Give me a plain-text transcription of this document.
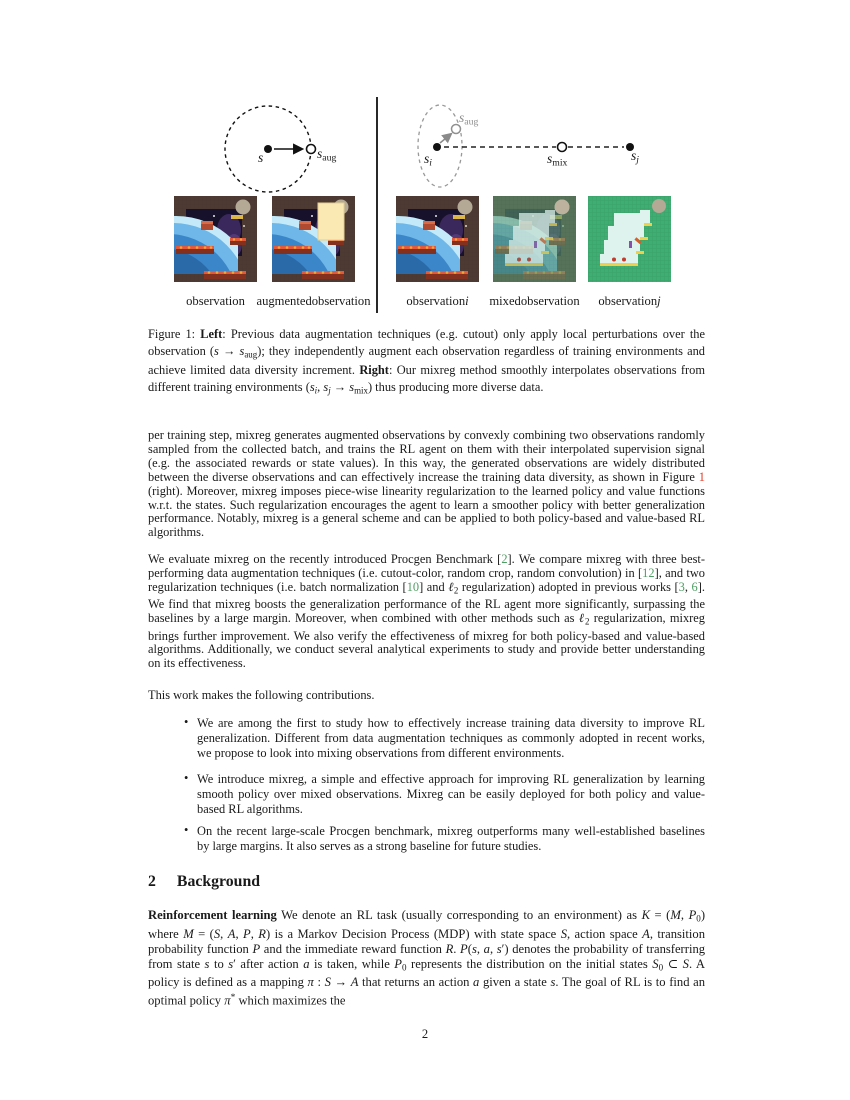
s	$s_{aug}$	$s_i$
$s_{aug}$
$s_{mix}$
$s_j$
observation augmented observation	observation i mixed observation observation j
Figure 1: Left: Previous data augmentation techniques (e.g. cutout) only apply local perturbations over the observation $(s \to s_{aug})$; they independently augment each observation regardless of training environments and achieve limited data diversity increment. Right: Our mixreg method smoothly interpolates observations from different training environments ($s_i$, $s_j \to s_{mix}$) thus producing more diverse data.
per training step, mixreg generates augmented observations by convexly combining two observations randomly sampled from the collected batch, and trains the RL agent on them with their interpolated supervision signal (e.g. the associated rewards or state values). In this way, the generated observations are widely distributed between the diverse observations and can effectively increase the training data diversity, as shown in Figure 1 (right). Moreover, mixreg imposes piece-wise linearity regularization to the learned policy and value functions w.r.t. the states. Such regularization encourages the agent to learn a smoother policy with better generalization performance. Notably, mixreg is a general scheme and can be applied to both policy-based and value-based RL algorithms.
We evaluate mixreg on the recently introduced Procgen Benchmark [2]. We compare mixreg with three best-performing data augmentation techniques (i.e. cutout-color, random crop, random convolution) in [12], and two regularization techniques (i.e. batch normalization [10] and ℓ$_2$ regularization) adopted in previous works [3, 6]. We find that mixreg boosts the generalization performance of the RL agent more significantly, surpassing the baselines by a large margin. Moreover, when combined with other methods such as ℓ$_2$ regularization, mixreg brings further improvement. We also verify the effectiveness of mixreg for both policy-based and value-based algorithms. Additionally, we conduct several analytical experiments to study and provide better understanding on its effectiveness.
This work makes the following contributions.
• We are among the first to study how to effectively increase training data diversity to improve RL generalization. Different from data augmentation techniques as commonly adopted in recent works, we propose to look into mixing observations from different environments.
• We introduce mixreg, a simple and effective approach for improving RL generalization by learning smooth policy over mixed observations. Mixreg can be easily deployed for both policy and value-based RL algorithms.
• On the recent large-scale Procgen benchmark, mixreg outperforms many well-established baselines by large margins. It also serves as a strong baseline for future studies.
2 Background
Reinforcement learning We denote an RL task (usually corresponding to an environment) as K = (M, $P_0$) where M = (S, A, P, R) is a Markov Decision Process (MDP) with state space S, action space A, transition probability function P and the immediate reward function R. P(s, a, s′) denotes the probability of transferring from state s to s′ after action a is taken, while $P_0$ represents the distribution on the initial states $S_0$ ⊂ S. A policy is defined as a mapping π : S → A that returns an action a given a state s. The goal of RL is to find an optimal policy π* which maximizes the
2
